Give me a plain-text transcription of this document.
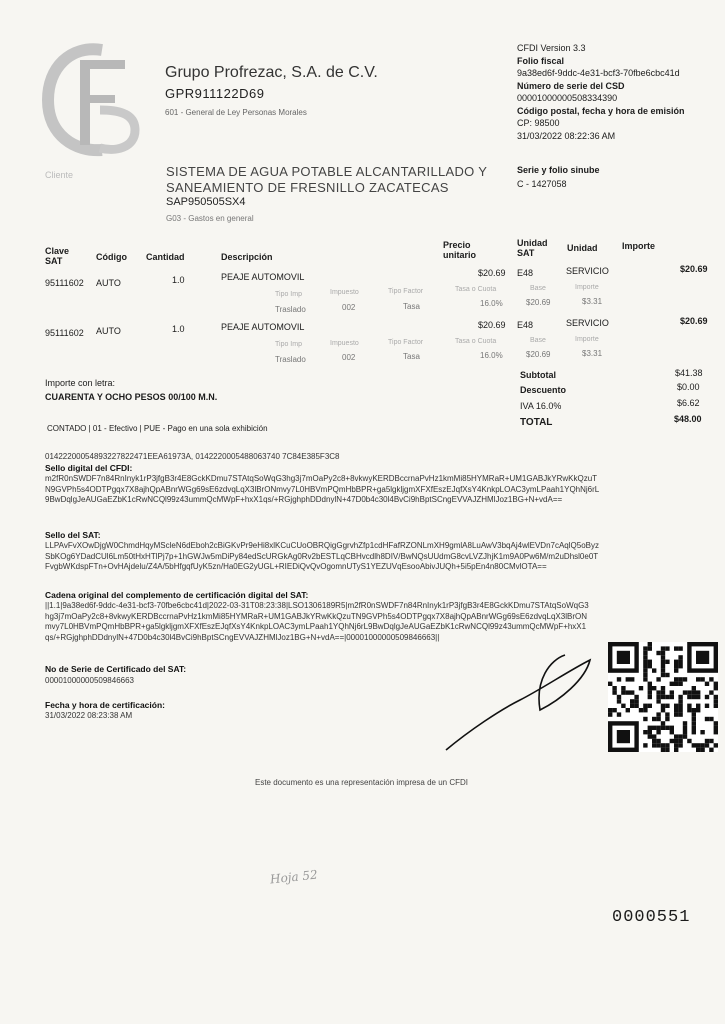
Grupo Profrezac, S.A. de C.V.
GPR911122D69
601 - General de Ley Personas Morales
CFDI Version 3.3
Folio fiscal
9a38ed6f-9ddc-4e31-bcf3-70fbe6cbc41d
Número de serie del CSD
00001000000508334390
Código postal, fecha y hora de emisión
CP: 98500
31/03/2022 08:22:36 AM
Cliente	SISTEMA DE AGUA POTABLE ALCANTARILLADO Y SANEAMIENTO DE FRESNILLO ZACATECAS
SAP950505SX4
G03 - Gastos en general
Serie y folio sinube
C - 1427058
Clave SAT	Código Cantidad	Descripción
Precio unitario
Unidad SAT	Unidad	Importe
95111602 AUTO	1.0	PEAJE AUTOMOVIL	$20.69 E48	SERVICIO	$20.69
Tipo Imp	Impuesto	Tipo Factor	Tasa o Cuota	Base	Importe
Traslado	002	Tasa	16.0%	$20.69	$3.31
95111602 AUTO	1.0	PEAJE AUTOMOVIL	$20.69 E48	SERVICIO	$20.69
Tipo Imp	Impuesto	Tipo Factor	Tasa o Cuota	Base	Importe
Traslado	002	Tasa	16.0%	$20.69	$3.31
Importe con letra:
CUARENTA Y OCHO PESOS 00/100 M.N.
Subtotal	$41.38
Descuento	$0.00
IVA 16.0%	$6.62
TOTAL	$48.00
CONTADO | 01 - Efectivo | PUE - Pago en una sola exhibición
01422200054893227822471EEA61973A, 0142220005488063740 7C84E385F3C8
Sello digital del CFDI:
m2fR0nSWDF7n84RnInyk1rP3jfgB3r4E8GckKDmu7STAtqSoWqG3hg3j7mOaPy2c8+8vkwyKERDBccrnaPvHz1kmMi85HYMRaR+UM1GABJkYRwKkQzuTN9GVPh5s4ODTPgqx7X8ajhQpABnrWGg69sE6zdvqLqX3lBrONmvy7L0HBVmPQmHbBPR+ga5lgkljgmXFXfEszEJqfXsY4KnkpLOAC3ymLPaah1YQhNj6rL9BwDqlgJeAUGaEZbK1cRwNCQl99z43ummQcMWpF+hxX1qs/+RGjghphDDdnylN+47D0b4c30l4BvCi9hBptSCngEVVAJZHMlJoz1BG+N+vdA==
Sello del SAT:
LLPAvFvXOwDjgW0ChmdHqyMScleN6dEboh2cBiGKvPr9eHi8xlKCuCUoOBRQigGgrvhZfp1cdHFafRZONLmXH9gmlA8LuAwV3bqAj4wlEVDn7cAqlQ5oByzSbKOg6YDadCUl6Lm50tHxHTlPj7p+1hGWJw5mDiPy84edScURGkAg0Rv2bESTLqCBHvcdlh8DIV/BwNQsUUdmG8cvLVZJhjK1m9A0Pw6M/m2uDhsl0e0TFvgbWKdspFTn+OvHAjdelu/Z4A/5bHfgqfUyK5zn/Ha0EG2yUGL+RIEDiQvQvOgomnUTyS1YEZUVqEsooAbivJUQh+5i5pEn4n80CMvlOTA==
Cadena original del complemento de certificación digital del SAT:
||1.1|9a38ed6f-9ddc-4e31-bcf3-70fbe6cbc41d|2022-03-31T08:23:38|LSO1306189R5|m2fR0nSWDF7n84RnInyk1rP3jfgB3r4E8GckKDmu7STAtqSoWqG3hg3j7mOaPy2c8+8vkwyKERDBccrnaPvHz1kmMi85HYMRaR+UM1GABJkYRwKkQzuTN9GVPh5s4ODTPgqx7X8ajhQpABnrWGg69sE6zdvqLqX3lBrONmvy7L0HBVmPQmHbBPR+ga5lgkljgmXFXfEszEJqfXsY4KnkpLOAC3ymLPaah1YQhNj6rL9BwDqlgJeAUGaEZbK1cRwNCQl99z43ummQcMWpF+hxX1qs/+RGjghphDDdnylN+47D0b4c30l4BvCi9hBptSCngEVVAJZHMlJoz1BG+N+vdA==|00001000000509846663||
No de Serie de Certificado del SAT:
00001000000509846663
Fecha y hora de certificación:
31/03/2022 08:23:38 AM
Este documento es una representación impresa de un CFDI
Hoja 52
0000551
